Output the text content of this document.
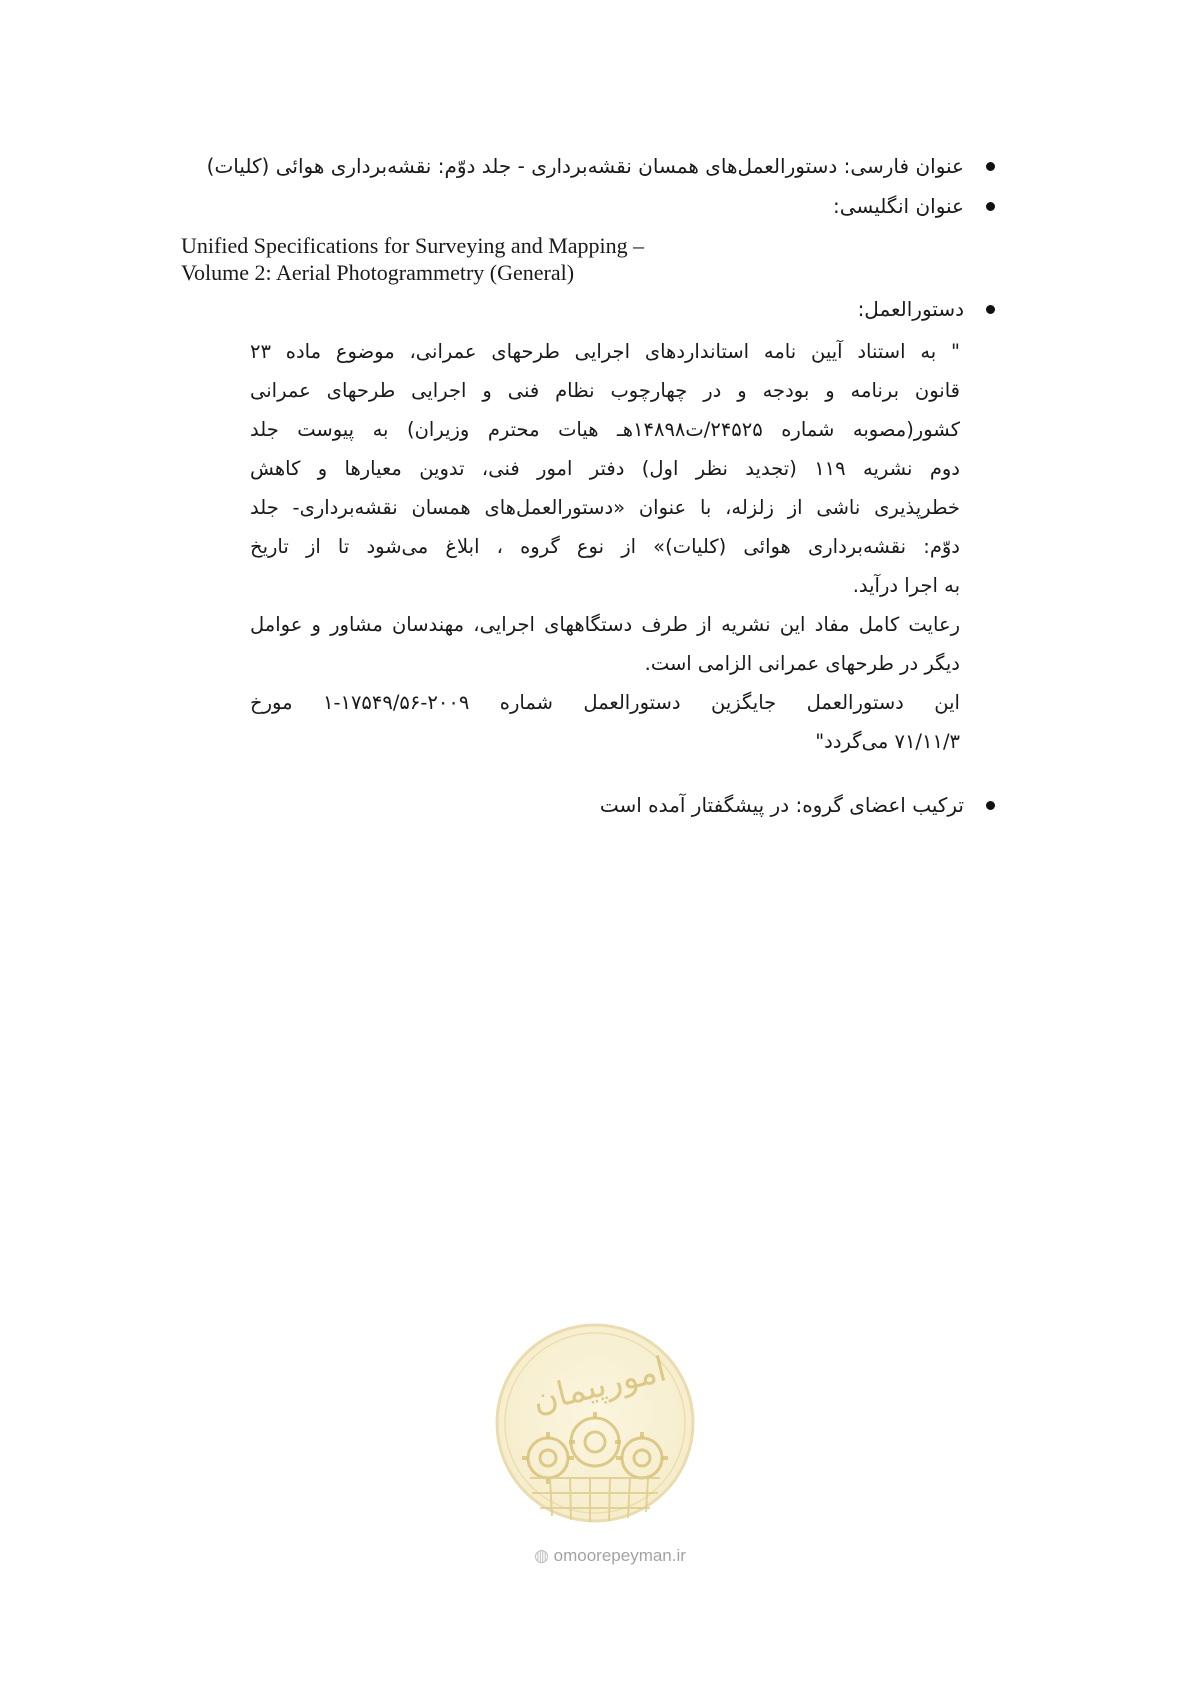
عنوان فارسی: دستورالعمل‌های همسان نقشه‌برداری - جلد دوّم: نقشه‌برداری هوائی (کلیات)
عنوان انگلیسی:
Unified Specifications for Surveying and Mapping –
Volume 2: Aerial Photogrammetry (General)
دستورالعمل:
" به استناد آیین نامه استانداردهای اجرایی طرحهای عمرانی، موضوع ماده ۲۳
قانون برنامه و بودجه و در چهارچوب نظام فنی و اجرایی طرحهای عمرانی
کشور(مصوبه شماره ۲۴۵۲۵/ت۱۴۸۹۸هـ هیات محترم وزیران) به پیوست جلد
دوم نشریه ۱۱۹ (تجدید نظر اول) دفتر امور فنی، تدوین معیارها و کاهش
خطرپذیری ناشی از زلزله، با عنوان «دستورالعمل‌های همسان نقشه‌برداری- جلد
دوّم: نقشه‌برداری هوائی (کلیات)» از نوع گروه ، ابلاغ می‌شود تا از تاریخ
به اجرا درآید.
رعایت کامل مفاد این نشریه از طرف دستگاههای اجرایی، مهندسان مشاور و عوامل
دیگر در طرحهای عمرانی الزامی است.
این دستورالعمل جایگزین دستورالعمل شماره ۲۰۰۹-۱۷۵۴۹/۵۶-۱ مورخ
۷۱/۱۱/۳ می‌گردد"
ترکیب اعضای گروه: در پیشگفتار آمده است
امورپیمان
◍ omoorepeyman.ir
